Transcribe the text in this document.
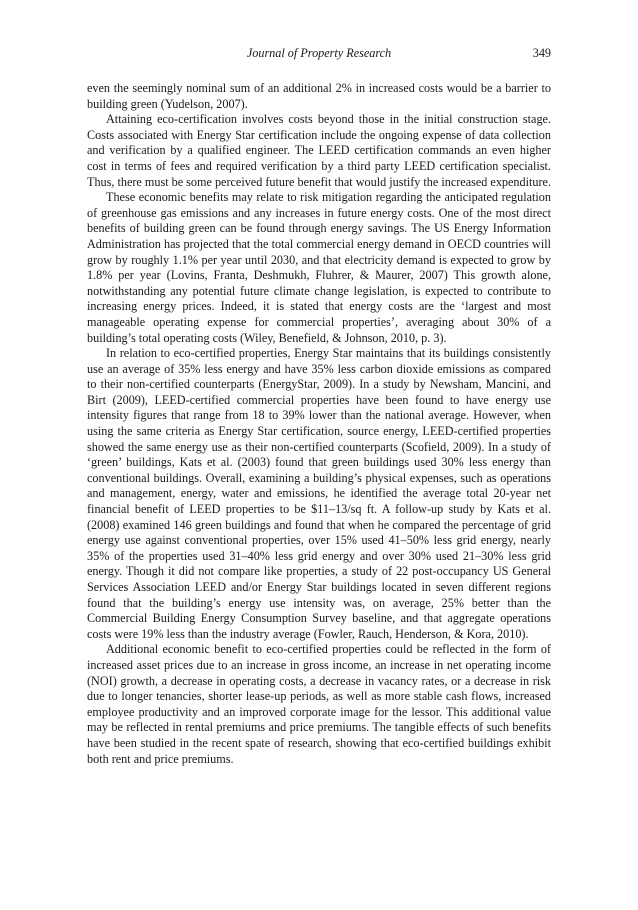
Journal of Property Research	349

even the seemingly nominal sum of an additional 2% in increased costs would be a barrier to building green (Yudelson, 2007).

Attaining eco-certification involves costs beyond those in the initial construction stage. Costs associated with Energy Star certification include the ongoing expense of data collection and verification by a qualified engineer. The LEED certification commands an even higher cost in terms of fees and required verification by a third party LEED certification specialist. Thus, there must be some perceived future benefit that would justify the increased expenditure.

These economic benefits may relate to risk mitigation regarding the anticipated regulation of greenhouse gas emissions and any increases in future energy costs. One of the most direct benefits of building green can be found through energy savings. The US Energy Information Administration has projected that the total commercial energy demand in OECD countries will grow by roughly 1.1% per year until 2030, and that electricity demand is expected to grow by 1.8% per year (Lovins, Franta, Deshmukh, Fluhrer, & Maurer, 2007) This growth alone, notwithstanding any potential future climate change legislation, is expected to contribute to increasing energy prices. Indeed, it is stated that energy costs are the ‘largest and most manageable operating expense for commercial properties’, averaging about 30% of a building’s total operating costs (Wiley, Benefield, & Johnson, 2010, p. 3).

In relation to eco-certified properties, Energy Star maintains that its buildings consistently use an average of 35% less energy and have 35% less carbon dioxide emissions as compared to their non-certified counterparts (EnergyStar, 2009). In a study by Newsham, Mancini, and Birt (2009), LEED-certified commercial properties have been found to have energy use intensity figures that range from 18 to 39% lower than the national average. However, when using the same criteria as Energy Star certification, source energy, LEED-certified properties showed the same energy use as their non-certified counterparts (Scofield, 2009). In a study of ‘green’ buildings, Kats et al. (2003) found that green buildings used 30% less energy than conventional buildings. Overall, examining a building’s physical expenses, such as operations and management, energy, water and emissions, he identified the average total 20-year net financial benefit of LEED properties to be $11–13/sq ft. A follow-up study by Kats et al. (2008) examined 146 green buildings and found that when he compared the percentage of grid energy use against conventional properties, over 15% used 41–50% less grid energy, nearly 35% of the properties used 31–40% less grid energy and over 30% used 21–30% less grid energy. Though it did not compare like properties, a study of 22 post-occupancy US General Services Association LEED and/or Energy Star buildings located in seven different regions found that the building’s energy use intensity was, on average, 25% better than the Commercial Building Energy Consumption Survey baseline, and that aggregate operations costs were 19% less than the industry average (Fowler, Rauch, Henderson, & Kora, 2010).

Additional economic benefit to eco-certified properties could be reflected in the form of increased asset prices due to an increase in gross income, an increase in net operating income (NOI) growth, a decrease in operating costs, a decrease in vacancy rates, or a decrease in risk due to longer tenancies, shorter lease-up periods, as well as more stable cash flows, increased employee productivity and an improved corporate image for the lessor. This additional value may be reflected in rental premiums and price premiums. The tangible effects of such benefits have been studied in the recent spate of research, showing that eco-certified buildings exhibit both rent and price premiums.
